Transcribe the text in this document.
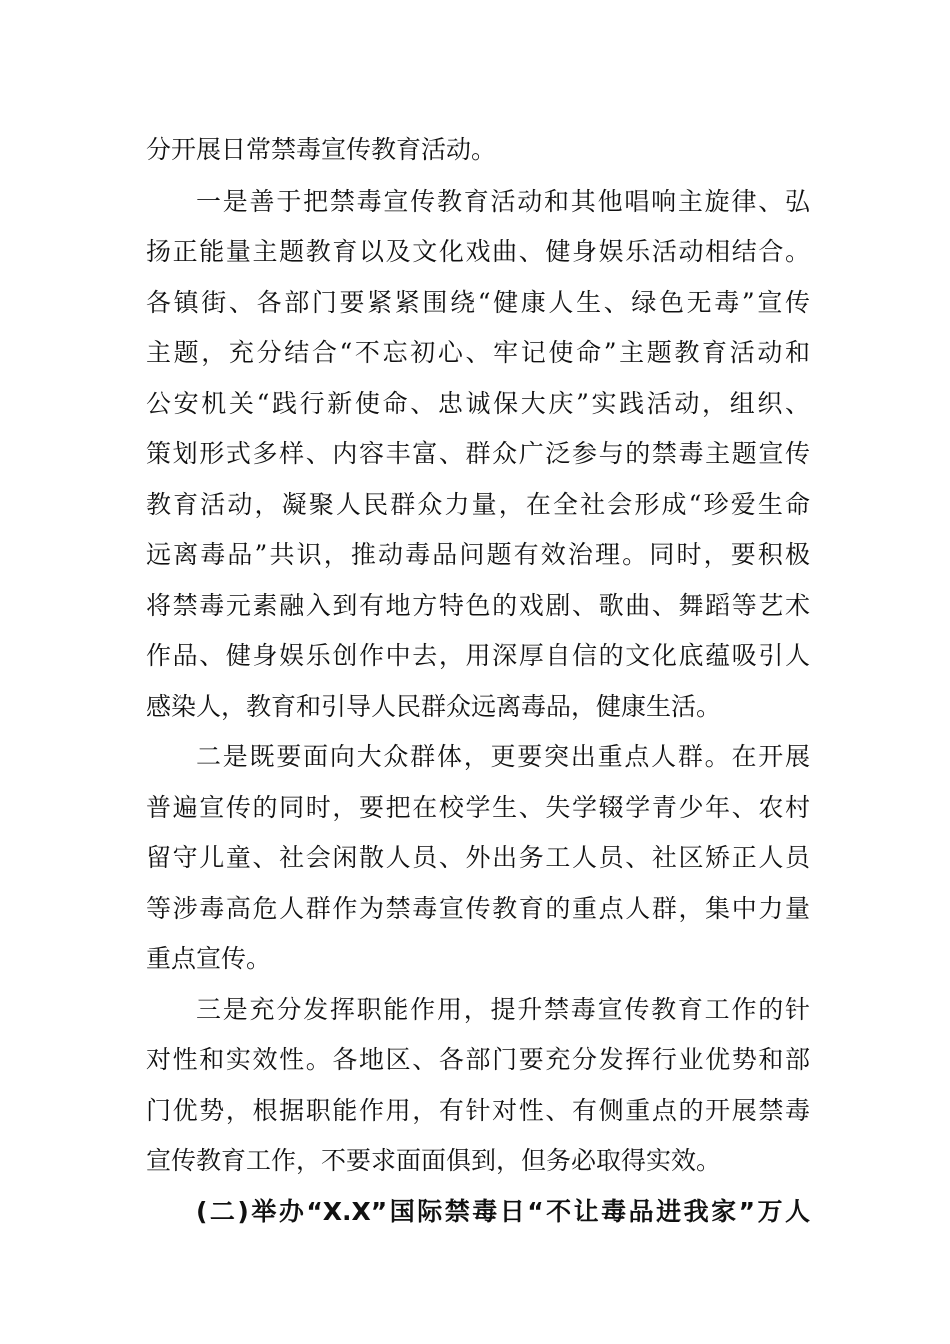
分开展日常禁毒宣传教育活动。
一是善于把禁毒宣传教育活动和其他唱响主旋律、弘
扬正能量主题教育以及文化戏曲、健身娱乐活动相结合。
各镇街、各部门要紧紧围绕“健康人生、绿色无毒”宣传
主题，充分结合“不忘初心、牢记使命”主题教育活动和
公安机关“践行新使命、忠诚保大庆”实践活动，组织、
策划形式多样、内容丰富、群众广泛参与的禁毒主题宣传
教育活动，凝聚人民群众力量，在全社会形成“珍爱生命
远离毒品”共识，推动毒品问题有效治理。同时，要积极
将禁毒元素融入到有地方特色的戏剧、歌曲、舞蹈等艺术
作品、健身娱乐创作中去，用深厚自信的文化底蕴吸引人
感染人，教育和引导人民群众远离毒品，健康生活。
二是既要面向大众群体，更要突出重点人群。在开展
普遍宣传的同时，要把在校学生、失学辍学青少年、农村
留守儿童、社会闲散人员、外出务工人员、社区矫正人员
等涉毒高危人群作为禁毒宣传教育的重点人群，集中力量
重点宣传。
三是充分发挥职能作用，提升禁毒宣传教育工作的针
对性和实效性。各地区、各部门要充分发挥行业优势和部
门优势，根据职能作用，有针对性、有侧重点的开展禁毒
宣传教育工作，不要求面面俱到，但务必取得实效。
(二)举办“X.X”国际禁毒日“不让毒品进我家”万人
